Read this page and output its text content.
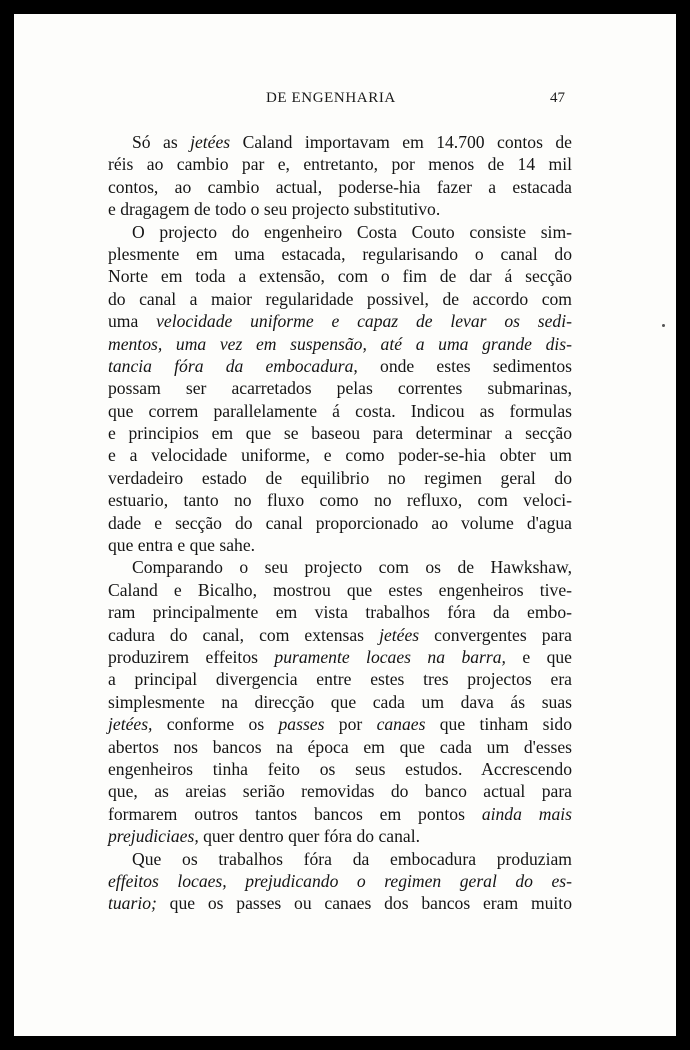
DE ENGENHARIA	47
Só as jetées Caland importavam em 14.700 contos de
réis ao cambio par e, entretanto, por menos de 14 mil
contos, ao cambio actual, poderse-hia fazer a estacada
e dragagem de todo o seu projecto substitutivo.
O projecto do engenheiro Costa Couto consiste sim-
plesmente em uma estacada, regularisando o canal do
Norte em toda a extensão, com o fim de dar á secção
do canal a maior regularidade possivel, de accordo com
uma velocidade uniforme e capaz de levar os sedi-
mentos, uma vez em suspensão, até a uma grande dis-
tancia fóra da embocadura, onde estes sedimentos
possam ser acarretados pelas correntes submarinas,
que correm parallelamente á costa. Indicou as formulas
e principios em que se baseou para determinar a secção
e a velocidade uniforme, e como poder-se-hia obter um
verdadeiro estado de equilibrio no regimen geral do
estuario, tanto no fluxo como no refluxo, com veloci-
dade e secção do canal proporcionado ao volume d'agua
que entra e que sahe.
Comparando o seu projecto com os de Hawkshaw,
Caland e Bicalho, mostrou que estes engenheiros tive-
ram principalmente em vista trabalhos fóra da embo-
cadura do canal, com extensas jetées convergentes para
produzirem effeitos puramente locaes na barra, e que
a principal divergencia entre estes tres projectos era
simplesmente na direcção que cada um dava ás suas
jetées, conforme os passes por canaes que tinham sido
abertos nos bancos na época em que cada um d'esses
engenheiros tinha feito os seus estudos. Accrescendo
que, as areias serião removidas do banco actual para
formarem outros tantos bancos em pontos ainda mais
prejudiciaes, quer dentro quer fóra do canal.
Que os trabalhos fóra da embocadura produziam
effeitos locaes, prejudicando o regimen geral do es-
tuario; que os passes ou canaes dos bancos eram muito
